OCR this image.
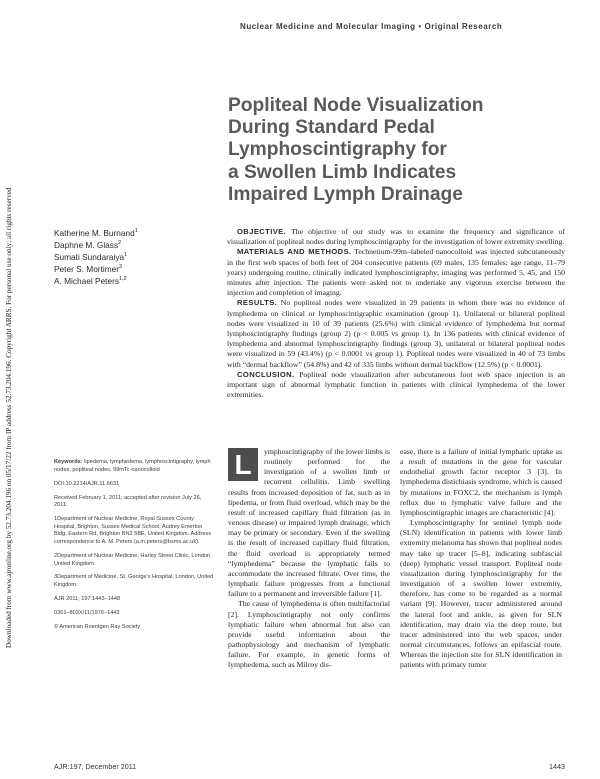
Downloaded from www.ajronline.org by 52.73.204.196 on 05/17/22 from IP address 52.73.204.196. Copyright ARRS. For personal use only; all rights reserved
Nuclear Medicine and Molecular Imaging • Original Research
Popliteal Node Visualization
During Standard Pedal
Lymphoscintigraphy for
a Swollen Limb Indicates
Impaired Lymph Drainage
Katherine M. Burnand$^1$
Daphne M. Glass$^2$
Sumati Sundaraiya$^1$
Peter S. Mortimer$^3$
A. Michael Peters$^{1,2}$

OBJECTIVE. The objective of our study was to examine the frequency and significance of visualization of popliteal nodes during lymphoscintigraphy for the investigation of lower extremity swelling.

MATERIALS AND METHODS. Technetium-99m–labeled nanocolloid was injected subcutaneously in the first web spaces of both feet of 204 consecutive patients (69 males, 135 females; age range, 11–79 years) undergoing routine, clinically indicated lymphoscintigraphy; imaging was performed 5, 45, and 150 minutes after injection. The patients were asked not to undertake any vigorous exercise between the injection and completion of imaging.

RESULTS. No popliteal nodes were visualized in 29 patients in whom there was no evidence of lymphedema on clinical or lymphoscintigraphic examination (group 1). Unilateral or bilateral popliteal nodes were visualized in 10 of 39 patients (25.6%) with clinical evidence of lymphedema but normal lymphoscintigraphy findings (group 2) (p < 0.005 vs group 1). In 136 patients with clinical evidence of lymphedema and abnormal lymphoscintigraphy findings (group 3), unilateral or bilateral popliteal nodes were visualized in 59 (43.4%) (p < 0.0001 vs group 1). Popliteal nodes were visualized in 40 of 73 limbs with “dermal backflow” (54.8%) and 42 of 335 limbs without dermal backflow (12.5%) (p < 0.0001).

CONCLUSION. Popliteal node visualization after subcutaneous foot web space injection is an important sign of abnormal lymphatic function in patients with clinical lymphedema of the lower extremities.

Keywords: lipedema, lymphedema, lymphoscintigraphy, lymph nodes, popliteal nodes, 99mTc-nanocolloid

DOI:10.2214/AJR.11.6631

Received February 1, 2011; accepted after revision July 26, 2011.

1Department of Nuclear Medicine, Royal Sussex County Hospital, Brighton, Sussex Medical School, Audrey Emerton Bldg, Eastern Rd, Brighton BN2 5BE, United Kingdom. Address correspondence to A. M. Peters (a.m.peters@bsms.ac.uk).

2Department of Nuclear Medicine, Harley Street Clinic, London, United Kingdom.

3Department of Medicine, St. George's Hospital, London, United Kingdom.

AJR 2011; 197:1443–1448

0361–803X/11/1976–1443

© American Roentgen Ray Society

L	ymphoscintigraphy of the lower limbs is routinely performed for the investigation of a swollen limb or recurrent cellulitis. Limb swelling results from increased deposition of fat, such as in lipedema, or from fluid overload, which may be the result of increased capillary fluid filtration (as in venous disease) or impaired lymph drainage, which may be primary or secondary. Even if the swelling is the result of increased capillary fluid filtration, the fluid overload is appropriately termed “lymphedema” because the lymphatic fails to accommodate the increased filtrate. Over time, the lymphatic failure progresses from a functional failure to a permanent and irreversible failure [1].

The cause of lymphedema is often multifactorial [2]. Lymphoscintigraphy not only confirms lymphatic failure when abnormal but also can provide useful information about the pathophysiology and mechanism of lymphatic failure. For example, in genetic forms of lymphedema, such as Milroy dis-

ease, there is a failure of initial lymphatic uptake as a result of mutations in the gene for vascular endothelial growth factor receptor 3 [3]. In lymphedema distichiasis syndrome, which is caused by mutations in FOXC2, the mechanism is lymph reflux due to lymphatic valve failure and the lymphoscintigraphic images are characteristic [4].

Lymphoscintigraphy for sentinel lymph node (SLN) identification in patients with lower limb extremity melanoma has shown that popliteal nodes may take up tracer [5–8], indicating subfascial (deep) lymphatic vessel transport. Popliteal node visualization during lymphoscintigraphy for the investigation of a swollen lower extremity, therefore, has come to be regarded as a normal variant [9]. However, tracer administered around the lateral foot and ankle, as given for SLN identification, may drain via the deep route, but tracer administered into the web spaces, under normal circumstances, follows an epifascial route. Whereas the injection site for SLN identification in patients with primary tumor

AJR:197, December 2011	1443
